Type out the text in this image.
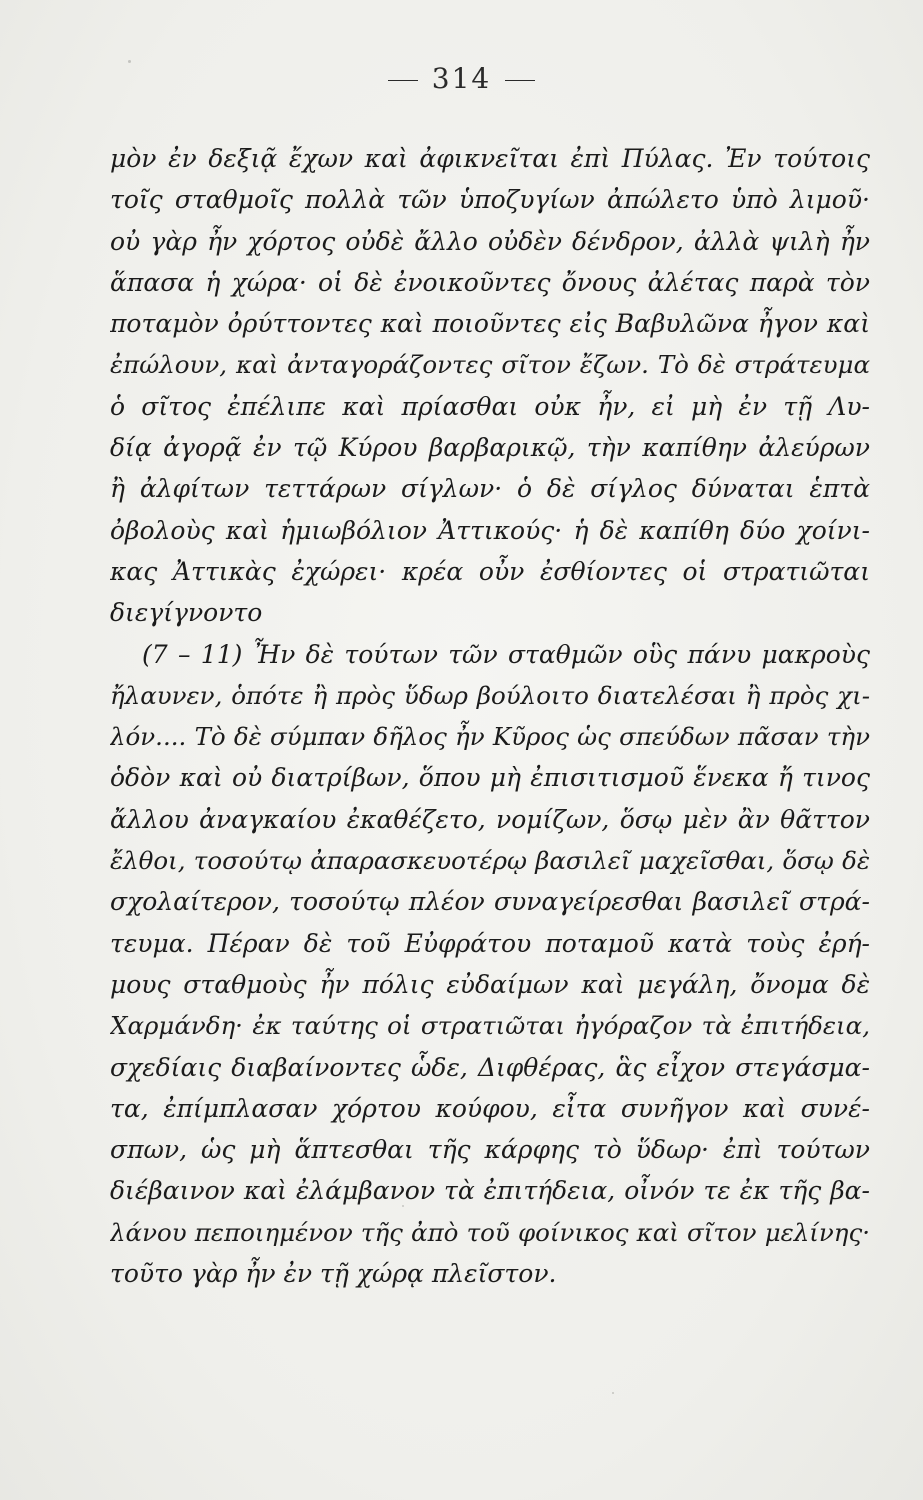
314
μὸν ἐν δεξιᾷ ἔχων καὶ ἀφικνεῖται ἐπὶ Πύλας. Ἐν τούτοις
τοῖς σταθμοῖς πολλὰ τῶν ὑποζυγίων ἀπώλετο ὑπὸ λιμοῦ·
οὐ γὰρ ἦν χόρτος οὐδὲ ἄλλο οὐδὲν δένδρον, ἀλλὰ ψιλὴ ἦν
ἅπασα ἡ χώρα· οἱ δὲ ἐνοικοῦντες ὄνους ἀλέτας παρὰ τὸν
ποταμὸν ὀρύττοντες καὶ ποιοῦντες εἰς Βαβυλῶνα ἦγον καὶ
ἐπώλουν, καὶ ἀνταγοράζοντες σῖτον ἔζων. Τὸ δὲ στράτευμα
ὁ σῖτος ἐπέλιπε καὶ πρίασθαι οὐκ ἦν, εἰ μὴ ἐν τῇ Λυ-
δίᾳ ἀγορᾷ ἐν τῷ Κύρου βαρβαρικῷ, τὴν καπίθην ἀλεύρων
ἢ ἀλφίτων τεττάρων σίγλων· ὁ δὲ σίγλος δύναται ἑπτὰ
ὀβολοὺς καὶ ἡμιωβόλιον Ἀττικούς· ἡ δὲ καπίθη δύο χοίνι-
κας Ἀττικὰς ἐχώρει· κρέα οὖν ἐσθίοντες οἱ στρατιῶται
διεγίγνοντο
(7 – 11) Ἦν δὲ τούτων τῶν σταθμῶν οὓς πάνυ μακροὺς
ἤλαυνεν, ὁπότε ἢ πρὸς ὕδωρ βούλοιτο διατελέσαι ἢ πρὸς χι-
λόν.... Τὸ δὲ σύμπαν δῆλος ἦν Κῦρος ὡς σπεύδων πᾶσαν τὴν
ὁδὸν καὶ οὐ διατρίβων, ὅπου μὴ ἐπισιτισμοῦ ἕνεκα ἤ τινος
ἄλλου ἀναγκαίου ἐκαθέζετο, νομίζων, ὅσῳ μὲν ἂν θᾶττον
ἔλθοι, τοσούτῳ ἀπαρασκευοτέρῳ βασιλεῖ μαχεῖσθαι, ὅσῳ δὲ
σχολαίτερον, τοσούτῳ πλέον συναγείρεσθαι βασιλεῖ στρά-
τευμα. Πέραν δὲ τοῦ Εὐφράτου ποταμοῦ κατὰ τοὺς ἐρή-
μους σταθμοὺς ἦν πόλις εὐδαίμων καὶ μεγάλη, ὄνομα δὲ
Χαρμάνδη· ἐκ ταύτης οἱ στρατιῶται ἠγόραζον τὰ ἐπιτήδεια,
σχεδίαις διαβαίνοντες ὧδε, Διφθέρας, ἃς εἶχον στεγάσμα-
τα, ἐπίμπλασαν χόρτου κούφου, εἶτα συνῆγον καὶ συνέ-
σπων, ὡς μὴ ἅπτεσθαι τῆς κάρφης τὸ ὕδωρ· ἐπὶ τούτων
διέβαινον καὶ ἐλάμβανον τὰ ἐπιτήδεια, οἶνόν τε ἐκ τῆς βα-
λάνου πεποιημένον τῆς ἀπὸ τοῦ φοίνικος καὶ σῖτον μελίνης·
τοῦτο γὰρ ἦν ἐν τῇ χώρᾳ πλεῖστον.
